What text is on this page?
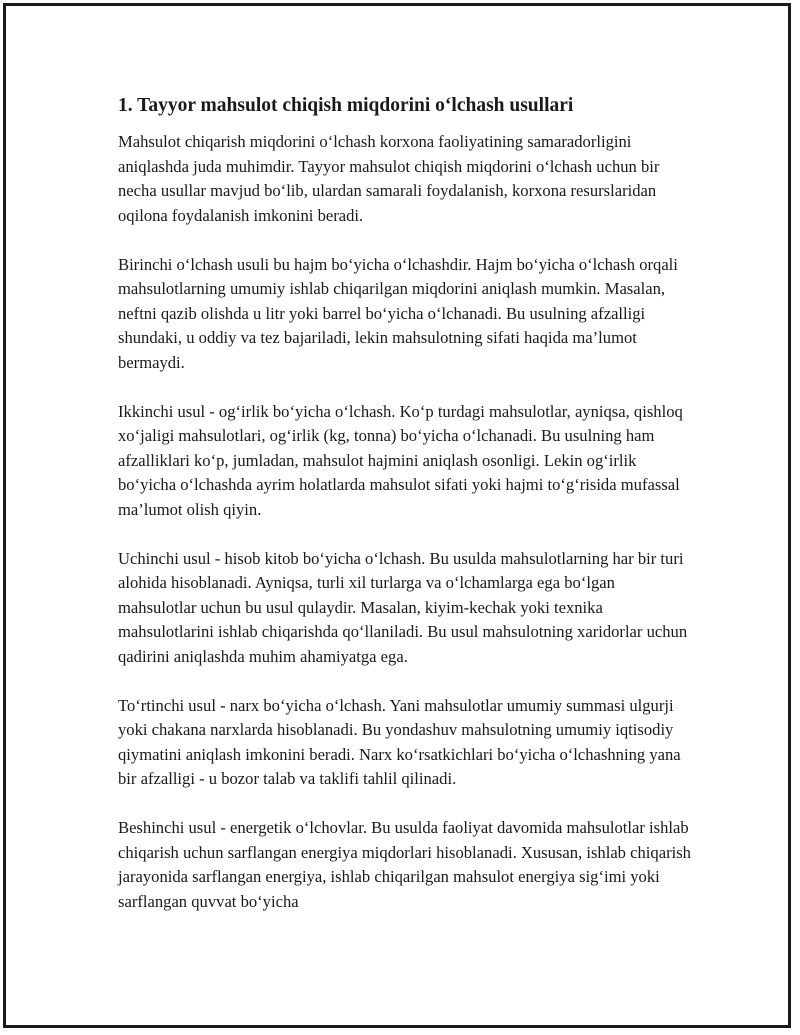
1. Tayyor mahsulot chiqish miqdorini o‘lchash usullari

Mahsulot chiqarish miqdorini o‘lchash korxona faoliyatining samaradorligini aniqlashda juda muhimdir. Tayyor mahsulot chiqish miqdorini o‘lchash uchun bir necha usullar mavjud bo‘lib, ulardan samarali foydalanish, korxona resurslaridan oqilona foydalanish imkonini beradi.

Birinchi o‘lchash usuli bu hajm bo‘yicha o‘lchashdir. Hajm bo‘yicha o‘lchash orqali mahsulotlarning umumiy ishlab chiqarilgan miqdorini aniqlash mumkin. Masalan, neftni qazib olishda u litr yoki barrel bo‘yicha o‘lchanadi. Bu usulning afzalligi shundaki, u oddiy va tez bajariladi, lekin mahsulotning sifati haqida ma’lumot bermaydi.

Ikkinchi usul - og‘irlik bo‘yicha o‘lchash. Ko‘p turdagi mahsulotlar, ayniqsa, qishloq xo‘jaligi mahsulotlari, og‘irlik (kg, tonna) bo‘yicha o‘lchanadi. Bu usulning ham afzalliklari ko‘p, jumladan, mahsulot hajmini aniqlash osonligi. Lekin og‘irlik bo‘yicha o‘lchashda ayrim holatlarda mahsulot sifati yoki hajmi to‘g‘risida mufassal ma’lumot olish qiyin.

Uchinchi usul - hisob kitob bo‘yicha o‘lchash. Bu usulda mahsulotlarning har bir turi alohida hisoblanadi. Ayniqsa, turli xil turlarga va o‘lchamlarga ega bo‘lgan mahsulotlar uchun bu usul qulaydir. Masalan, kiyim-kechak yoki texnika mahsulotlarini ishlab chiqarishda qo‘llaniladi. Bu usul mahsulotning xaridorlar uchun qadirini aniqlashda muhim ahamiyatga ega.

To‘rtinchi usul - narx bo‘yicha o‘lchash. Yani mahsulotlar umumiy summasi ulgurji yoki chakana narxlarda hisoblanadi. Bu yondashuv mahsulotning umumiy iqtisodiy qiymatini aniqlash imkonini beradi. Narx ko‘rsatkichlari bo‘yicha o‘lchashning yana bir afzalligi - u bozor talab va taklifi tahlil qilinadi.

Beshinchi usul - energetik o‘lchovlar. Bu usulda faoliyat davomida mahsulotlar ishlab chiqarish uchun sarflangan energiya miqdorlari hisoblanadi. Xususan, ishlab chiqarish jarayonida sarflangan energiya, ishlab chiqarilgan mahsulot energiya sig‘imi yoki sarflangan quvvat bo‘yicha
